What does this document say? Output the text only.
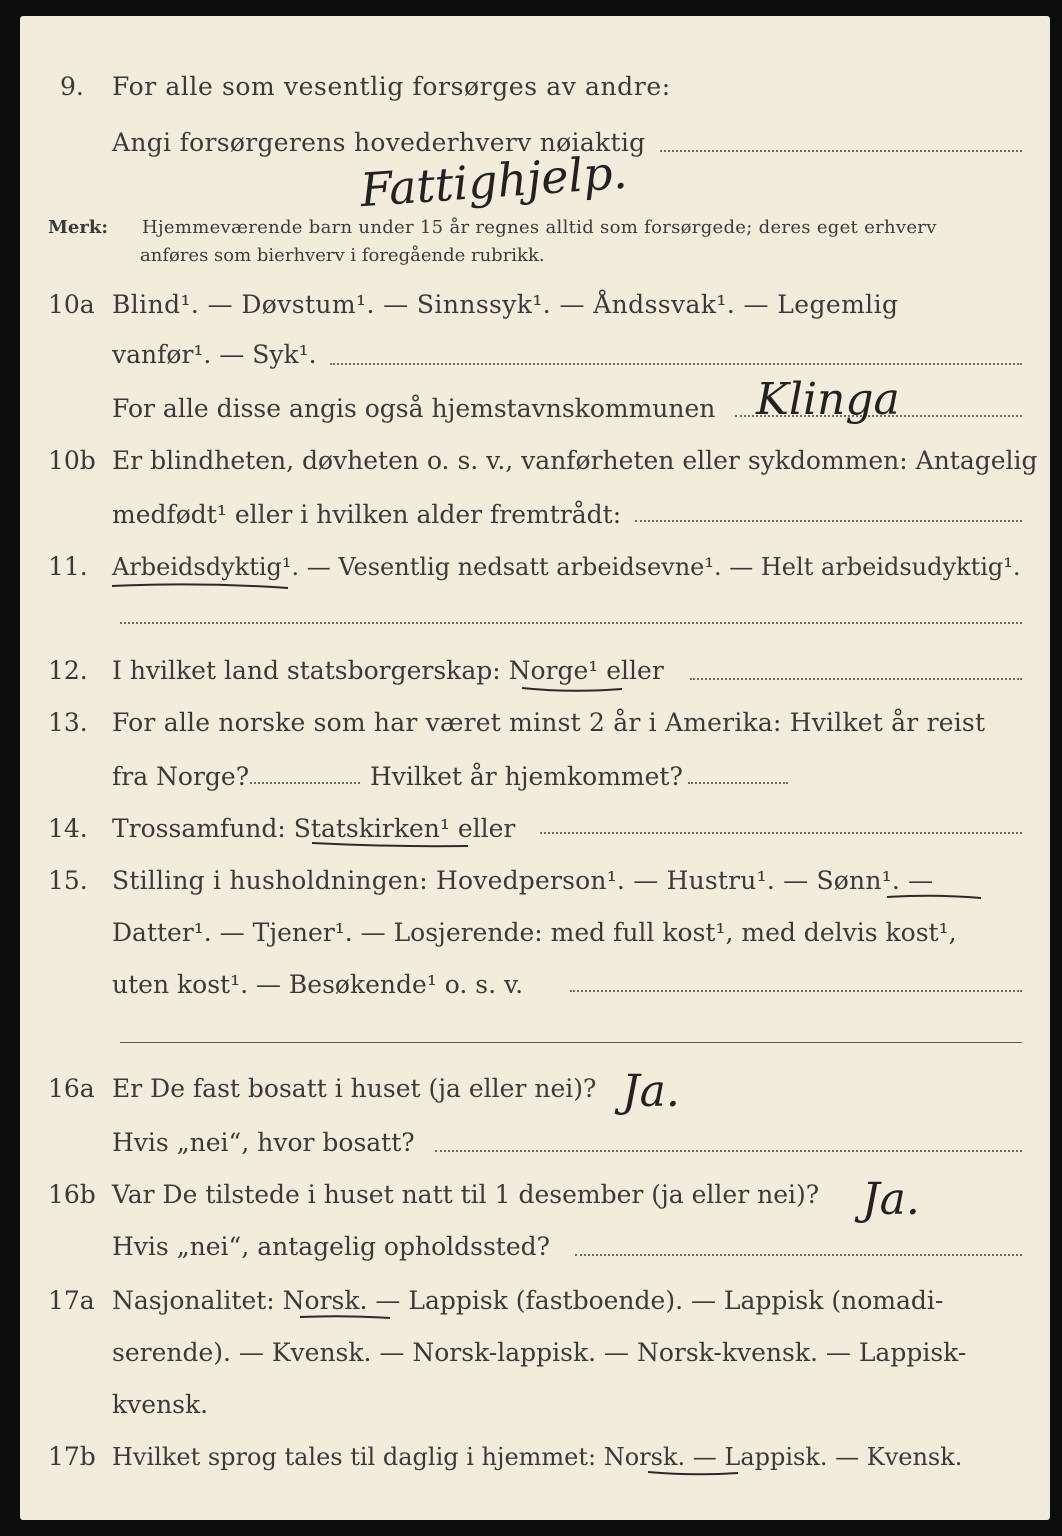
9. For alle som vesentlig forsørges av andre:
Angi forsørgerens hovederhverv nøiaktig
Fattighjelp.
Merk: Hjemmeværende barn under 15 år regnes alltid som forsørgede; deres eget erhverv
anføres som bierhverv i foregående rubrikk.
10a Blind¹. — Døvstum¹. — Sinnssyk¹. — Åndssvak¹. — Legemlig
vanfør¹. — Syk¹.
For alle disse angis også hjemstavnskommunen Klinga
10b Er blindheten, døvheten o. s. v., vanførheten eller sykdommen: Antagelig
medfødt¹ eller i hvilken alder fremtrådt:
11. Arbeidsdyktig¹. — Vesentlig nedsatt arbeidsevne¹. — Helt arbeidsudyktig¹.
12. I hvilket land statsborgerskap: Norge¹ eller
13. For alle norske som har været minst 2 år i Amerika: Hvilket år reist
fra Norge?	Hvilket år hjemkommet?
14. Trossamfund: Statskirken¹ eller
15. Stilling i husholdningen: Hovedperson¹. — Hustru¹. — Sønn¹. —
Datter¹. — Tjener¹. — Losjerende: med full kost¹, med delvis kost¹,
uten kost¹. — Besøkende¹ o. s. v.
16a Er De fast bosatt i huset (ja eller nei)? Ja.
Hvis „nei“, hvor bosatt?
16b Var De tilstede i huset natt til 1 desember (ja eller nei)? Ja.
Hvis „nei“, antagelig opholdssted?
17a Nasjonalitet: Norsk. — Lappisk (fastboende). — Lappisk (nomadi-
serende). — Kvensk. — Norsk-lappisk. — Norsk-kvensk. — Lappisk-
kvensk.
17b Hvilket sprog tales til daglig i hjemmet: Norsk. — Lappisk. — Kvensk.
